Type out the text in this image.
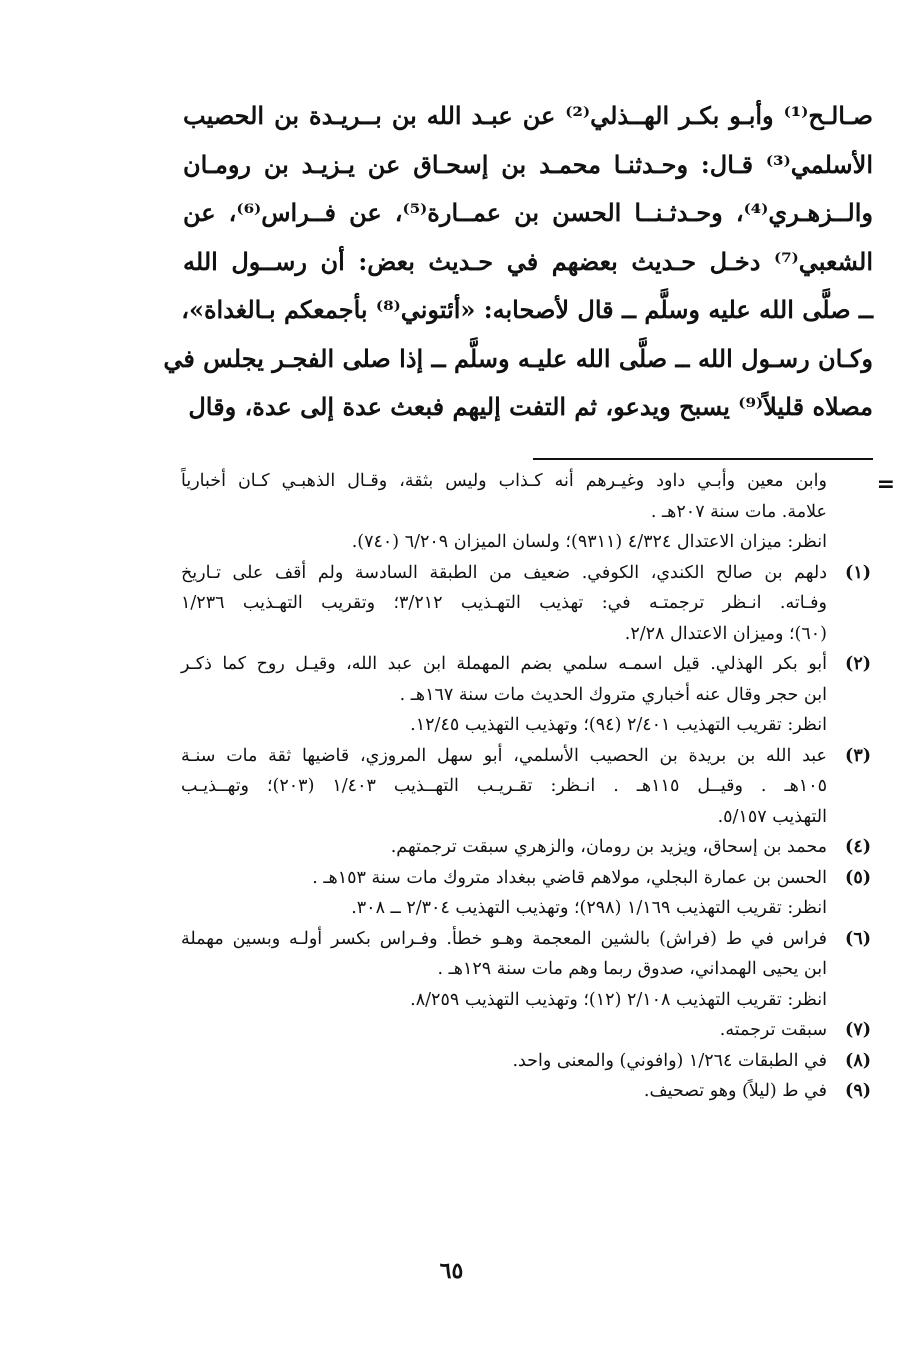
صـالـح⁽¹⁾ وأبـو بكـر الهــذلي⁽²⁾ عن عبـد الله بن بــريـدة بن الحصيب
الأسلمي⁽³⁾ قـال: وحـدثنـا محمـد بن إسحـاق عن يـزيـد بن رومـان
والــزهـري⁽⁴⁾، وحـدثـنــا الحسن بن عمــارة⁽⁵⁾، عن فــراس⁽⁶⁾، عن
الشعبي⁽⁷⁾ دخـل حـديث بعضهم في حـديث بعض: أن رســول الله
ــ صلَّى الله عليه وسلَّم ــ قال لأصحابه: «أئتوني⁽⁸⁾ بأجمعكم بـالغداة»،
وكـان رسـول الله ــ صلَّى الله عليـه وسلَّم ــ إذا صلى الفجـر يجلس في
مصلاه قليلاً⁽⁹⁾ يسبح ويدعو، ثم التفت إليهم فبعث عدة إلى عدة، وقال
=
وابن معين وأبـي داود وغيـرهم أنه كـذاب وليس بثقة، وقـال الذهبـي كـان أخبارياً
علامة. مات سنة ٢٠٧هـ .
انظر: ميزان الاعتدال ٤/٣٢٤ (٩٣١١)؛ ولسان الميزان ٦/٢٠٩ (٧٤٠).
(١)
دلهم بن صالح الكندي، الكوفي. ضعيف من الطبقة السادسة ولم أقف على تـاريخ
وفـاته. انـظر ترجمتـه في: تهذيب التهـذيب ٣/٢١٢؛ وتقريب التهـذيب ١/٢٣٦
(٦٠)؛ وميزان الاعتدال ٢/٢٨.
(٢)
أبو بكر الهذلي. قيل اسمـه سلمي بضم المهملة ابن عبد الله، وقيـل روح كما ذكـر
ابن حجر وقال عنه أخباري متروك الحديث مات سنة ١٦٧هـ .
انظر: تقريب التهذيب ٢/٤٠١ (٩٤)؛ وتهذيب التهذيب ١٢/٤٥.
(٣)
عبد الله بن بريدة بن الحصيب الأسلمي، أبو سهل المروزي، قاضيها ثقة مات سنـة
١٠٥هـ . وقيــل ١١٥هـ . انـظر: تقـريـب التهــذيب ١/٤٠٣ (٢٠٣)؛ وتهــذيـب
التهذيب ٥/١٥٧.
(٤)
محمد بن إسحاق، ويزيد بن رومان، والزهري سبقت ترجمتهم.
(٥)
الحسن بن عمارة البجلي، مولاهم قاضي ببغداد متروك مات سنة ١٥٣هـ .
انظر: تقريب التهذيب ١/١٦٩ (٢٩٨)؛ وتهذيب التهذيب ٢/٣٠٤ ــ ٣٠٨.
(٦)
فراس في ط (فراش) بالشين المعجمة وهـو خطأ. وفـراس بكسر أولـه وبسين مهملة
ابن يحيى الهمداني، صدوق ربما وهم مات سنة ١٢٩هـ .
انظر: تقريب التهذيب ٢/١٠٨ (١٢)؛ وتهذيب التهذيب ٨/٢٥٩.
(٧)
سبقت ترجمته.
(٨)
في الطبقات ١/٢٦٤ (وافوني) والمعنى واحد.
(٩)
في ط (ليلاً) وهو تصحيف.
٦٥
